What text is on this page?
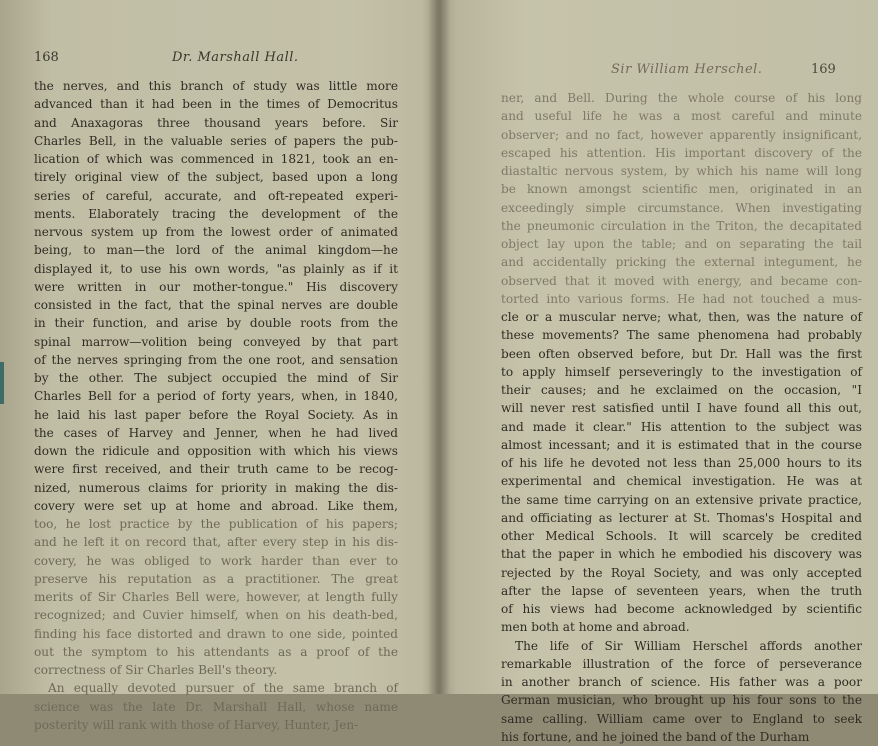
168	Dr. Marshall Hall.
the nerves, and this branch of study was little more
advanced than it had been in the times of Democritus
and Anaxagoras three thousand years before. Sir
Charles Bell, in the valuable series of papers the pub-
lication of which was commenced in 1821, took an en-
tirely original view of the subject, based upon a long
series of careful, accurate, and oft-repeated experi-
ments. Elaborately tracing the development of the
nervous system up from the lowest order of animated
being, to man—the lord of the animal kingdom—he
displayed it, to use his own words, "as plainly as if it
were written in our mother-tongue." His discovery
consisted in the fact, that the spinal nerves are double
in their function, and arise by double roots from the
spinal marrow—volition being conveyed by that part
of the nerves springing from the one root, and sensation
by the other. The subject occupied the mind of Sir
Charles Bell for a period of forty years, when, in 1840,
he laid his last paper before the Royal Society. As in
the cases of Harvey and Jenner, when he had lived
down the ridicule and opposition with which his views
were first received, and their truth came to be recog-
nized, numerous claims for priority in making the dis-
covery were set up at home and abroad. Like them,
too, he lost practice by the publication of his papers;
and he left it on record that, after every step in his dis-
covery, he was obliged to work harder than ever to
preserve his reputation as a practitioner. The great
merits of Sir Charles Bell were, however, at length fully
recognized; and Cuvier himself, when on his death-bed,
finding his face distorted and drawn to one side, pointed
out the symptom to his attendants as a proof of the
correctness of Sir Charles Bell's theory.
An equally devoted pursuer of the same branch of
science was the late Dr. Marshall Hall, whose name
posterity will rank with those of Harvey, Hunter, Jen-
Sir William Herschel.	169
ner, and Bell. During the whole course of his long
and useful life he was a most careful and minute
observer; and no fact, however apparently insignificant,
escaped his attention. His important discovery of the
diastaltic nervous system, by which his name will long
be known amongst scientific men, originated in an
exceedingly simple circumstance. When investigating
the pneumonic circulation in the Triton, the decapitated
object lay upon the table; and on separating the tail
and accidentally pricking the external integument, he
observed that it moved with energy, and became con-
torted into various forms. He had not touched a mus-
cle or a muscular nerve; what, then, was the nature of
these movements? The same phenomena had probably
been often observed before, but Dr. Hall was the first
to apply himself perseveringly to the investigation of
their causes; and he exclaimed on the occasion, "I
will never rest satisfied until I have found all this out,
and made it clear." His attention to the subject was
almost incessant; and it is estimated that in the course
of his life he devoted not less than 25,000 hours to its
experimental and chemical investigation. He was at
the same time carrying on an extensive private practice,
and officiating as lecturer at St. Thomas's Hospital and
other Medical Schools. It will scarcely be credited
that the paper in which he embodied his discovery was
rejected by the Royal Society, and was only accepted
after the lapse of seventeen years, when the truth
of his views had become acknowledged by scientific
men both at home and abroad.
The life of Sir William Herschel affords another
remarkable illustration of the force of perseverance
in another branch of science. His father was a poor
German musician, who brought up his four sons to the
same calling. William came over to England to seek
his fortune, and he joined the band of the Durham
